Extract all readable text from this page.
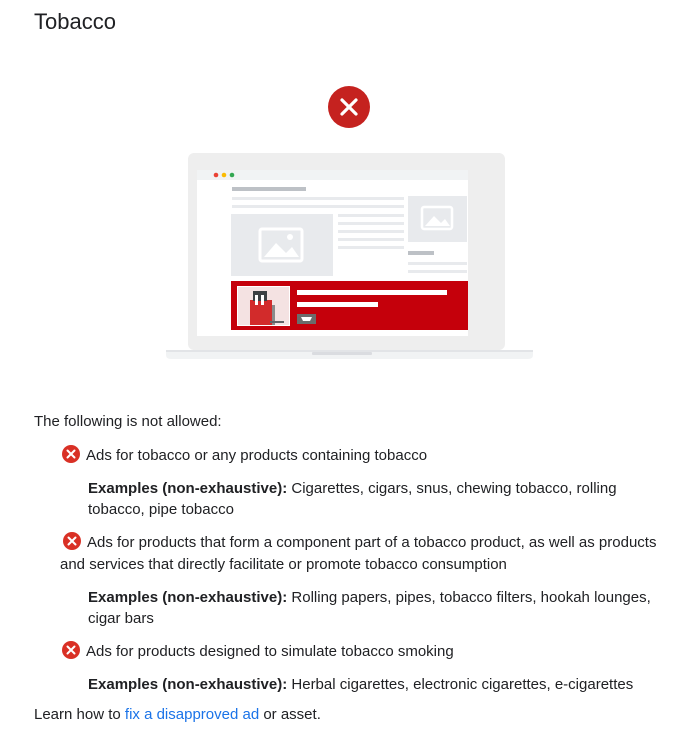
Tobacco

The following is not allowed:

Ads for tobacco or any products containing tobacco
Examples (non-exhaustive): Cigarettes, cigars, snus, chewing tobacco, rolling tobacco, pipe tobacco
Ads for products that form a component part of a tobacco product, as well as products and services that directly facilitate or promote tobacco consumption
Examples (non-exhaustive): Rolling papers, pipes, tobacco filters, hookah lounges, cigar bars
Ads for products designed to simulate tobacco smoking
Examples (non-exhaustive): Herbal cigarettes, electronic cigarettes, e-cigarettes

Learn how to fix a disapproved ad or asset.
